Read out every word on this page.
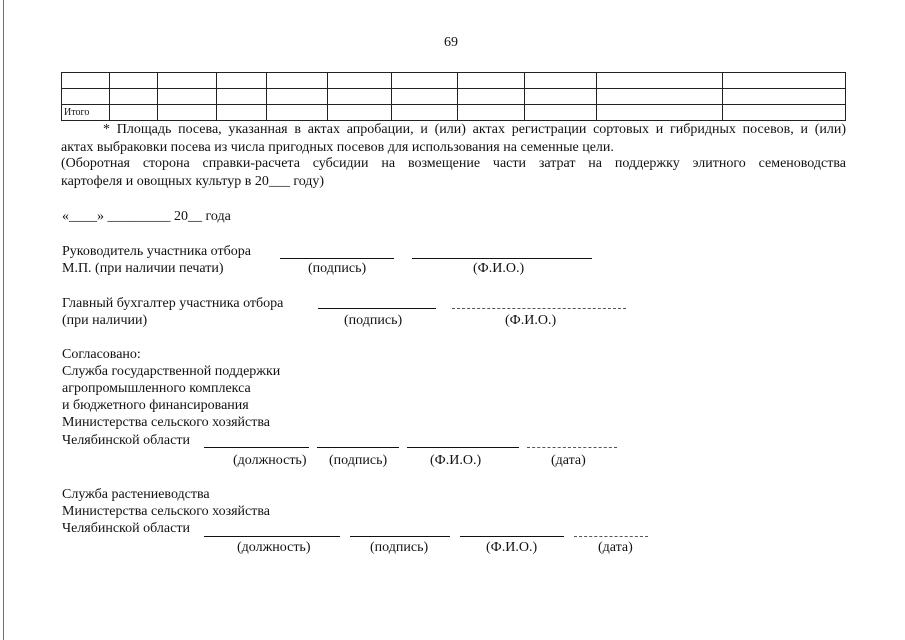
69

Итого										
* Площадь посева, указанная в актах апробации, и (или) актах регистрации сортовых и гибридных посевов, и (или)
актах выбраковки посева из числа пригодных посевов для использования на семенные цели.
(Оборотная сторона справки-расчета субсидии на возмещение части затрат на поддержку элитного семеноводства
картофеля и овощных культур в 20___ году)
«____» _________ 20__ года
Руководитель участника отбора
М.П. (при наличии печати)	(подпись)	(Ф.И.О.)
Главный бухгалтер участника отбора
(при наличии)	(подпись)	(Ф.И.О.)
Согласовано:
Служба государственной поддержки
агропромышленного комплекса
и бюджетного финансирования
Министерства сельского хозяйства
Челябинской области
(должность) (подпись)	(Ф.И.О.)	(дата)
Служба растениеводства
Министерства сельского хозяйства
Челябинской области
(должность)	(подпись)	(Ф.И.О.)	(дата)
